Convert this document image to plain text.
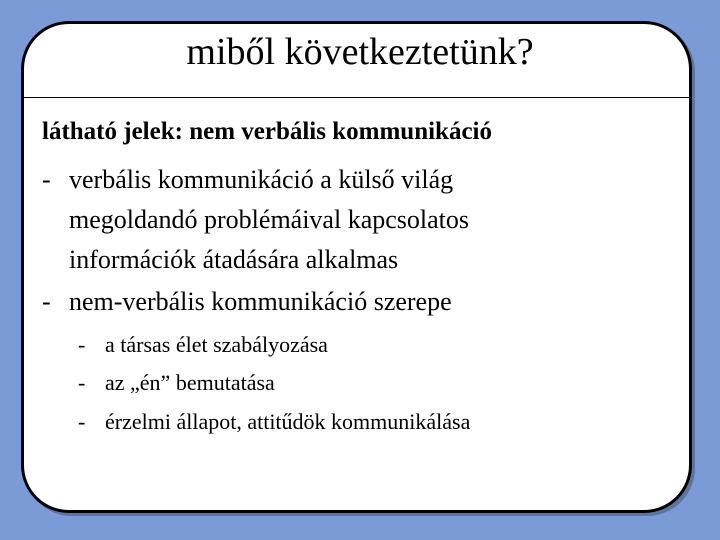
miből következtetünk?
látható jelek: nem verbális kommunikáció
- verbális kommunikáció a külső világ
megoldandó problémáival kapcsolatos
információk átadására alkalmas
- nem-verbális kommunikáció szerepe
- a társas élet szabályozása
- az „én” bemutatása
- érzelmi állapot, attitűdök kommunikálása
